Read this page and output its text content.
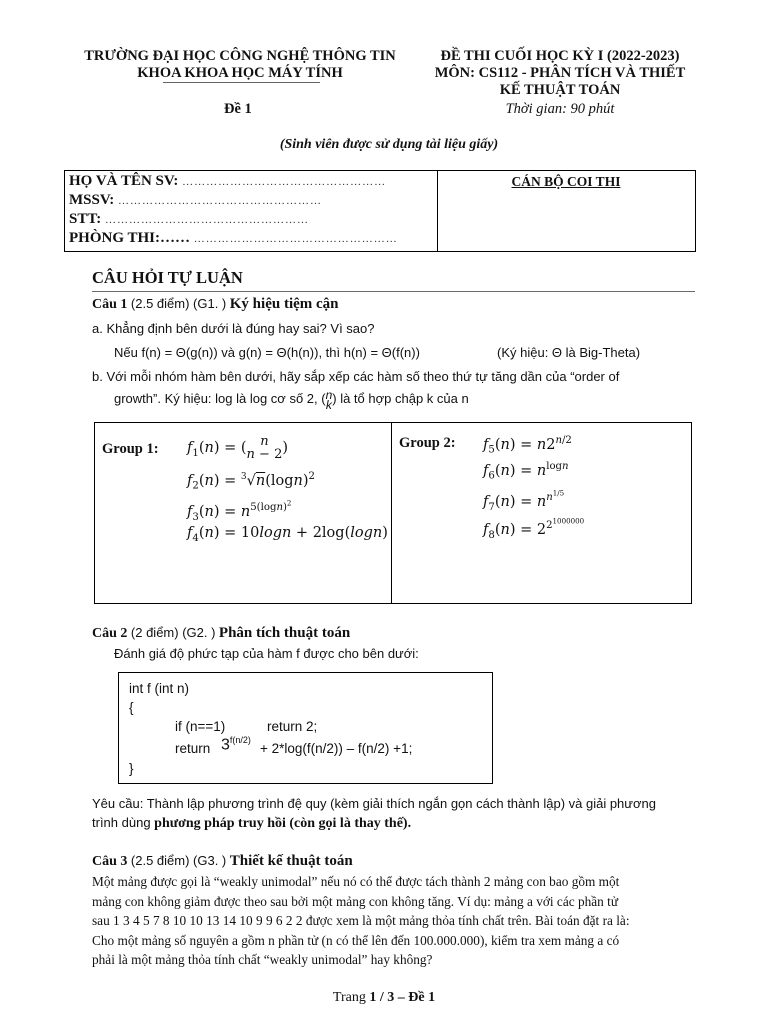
TRƯỜNG ĐẠI HỌC CÔNG NGHỆ THÔNG TIN
KHOA KHOA HỌC MÁY TÍNH
ĐỀ THI CUỐI HỌC KỲ I (2022-2023)
MÔN: CS112 - PHÂN TÍCH VÀ THIẾT
KẾ THUẬT TOÁN
Đề 1	Thời gian: 90 phút
(Sinh viên được sử dụng tài liệu giấy)
HỌ VÀ TÊN SV: ……………………………………………
MSSV: ……………………………………………
STT: ……………………………………………
PHÒNG THI:…… ……………………………………………
CÁN BỘ COI THI
CÂU HỎI TỰ LUẬN
Câu 1 (2.5 điểm) (G1. ) Ký hiệu tiệm cận
a. Khẳng định bên dưới là đúng hay sai? Vì sao?
Nếu f(n) = Θ(g(n)) và g(n) = Θ(h(n)), thì h(n) = Θ(f(n))	(Ký hiệu: Θ là Big-Theta)
b. Với mỗi nhóm hàm bên dưới, hãy sắp xếp các hàm số theo thứ tự tăng dần của “order of
growth”. Ký hiệu: log là log cơ số 2, (n
k) là tổ hợp chập k của n
Group 1: $f_1(n)$ = ( n
n − 2)
$f_2(n) = ^3√n(\log n)^2$
$f_3(n) = n^{5(logn)^2}$
$f_4(n) = 10\log n + 2\log(\log n)$
Group 2: $f_5(n) = n2^{n/2}$
$f_6(n) = n^{logn}$
$f_7(n) = n^{n^{1/5}}$
$f_8(n) = 2^{2^{1000000}}$
Câu 2 (2 điểm) (G2. ) Phân tích thuật toán
Đánh giá độ phức tạp của hàm f được cho bên dưới:
int f (int n)
{
if (n==1)	return 2;
return $3^{f(n/2)}$
+ 2*log(f(n/2)) – f(n/2) +1;
}
Yêu cầu: Thành lập phương trình đệ quy (kèm giải thích ngắn gọn cách thành lập) và giải phương
trình dùng phương pháp truy hồi (còn gọi là thay thế).
Câu 3 (2.5 điểm) (G3. ) Thiết kế thuật toán
Một mảng được gọi là “weakly unimodal” nếu nó có thể được tách thành 2 mảng con bao gồm một
mảng con không giảm được theo sau bởi một mảng con không tăng. Ví dụ: mảng a với các phần tử
sau 1 3 4 5 7 8 10 10 13 14 10 9 9 6 2 2 được xem là một mảng thỏa tính chất trên. Bài toán đặt ra là:
Cho một mảng số nguyên a gồm n phần tử (n có thể lên đến 100.000.000), kiểm tra xem mảng a có
phải là một mảng thỏa tính chất “weakly unimodal” hay không?
Trang 1 / 3 – Đề 1
